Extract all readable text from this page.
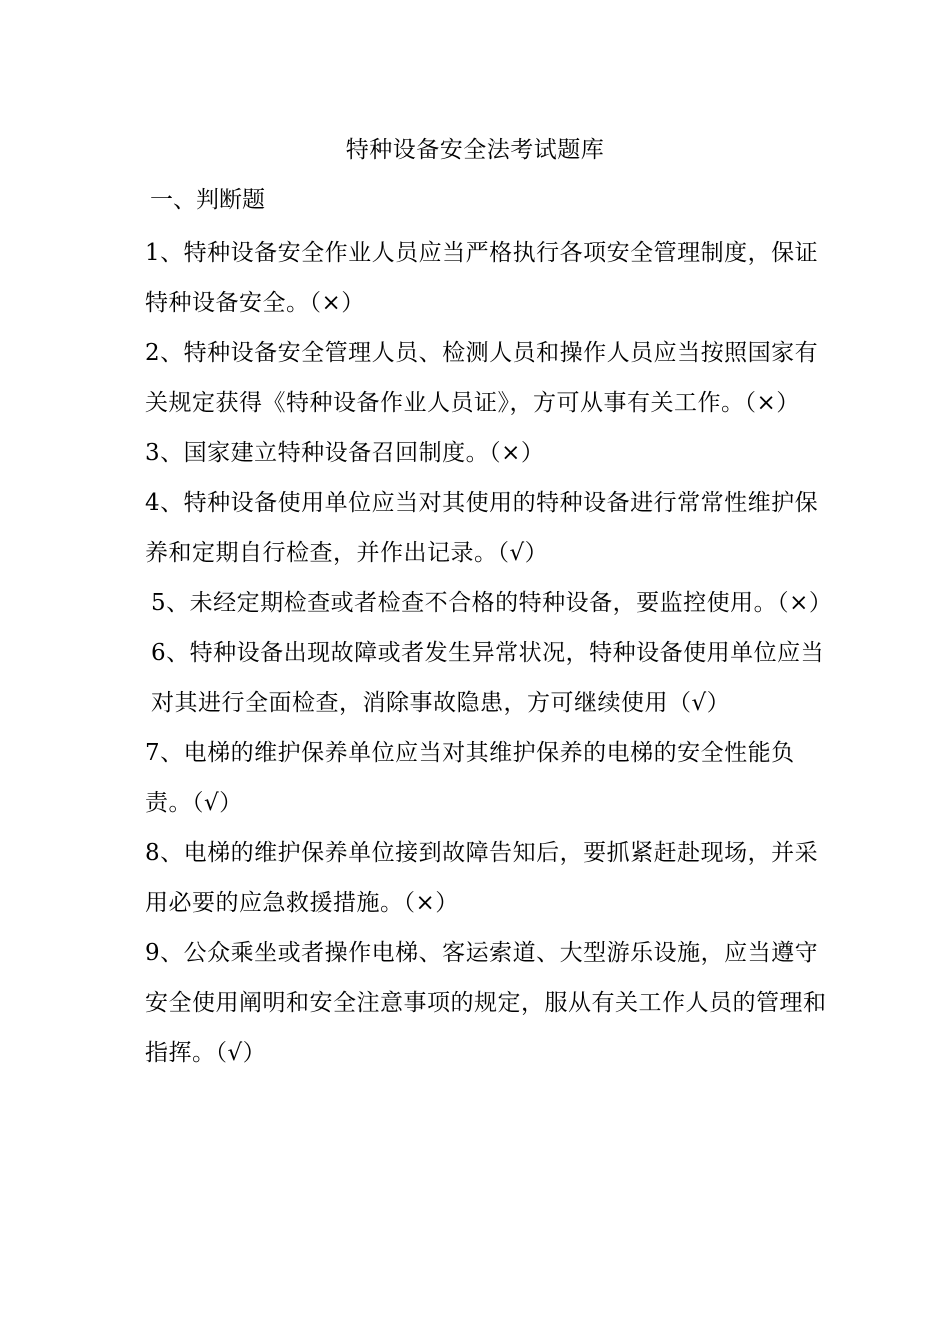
特种设备安全法考试题库
一、判断题

1、特种设备安全作业人员应当严格执行各项安全管理制度，保证特种设备安全。（×）

2、特种设备安全管理人员、检测人员和操作人员应当按照国家有关规定获得《特种设备作业人员证》，方可从事有关工作。（×）

3、国家建立特种设备召回制度。（×）

4、特种设备使用单位应当对其使用的特种设备进行常常性维护保养和定期自行检查，并作出记录。（√）

5、未经定期检查或者检查不合格的特种设备，要监控使用。（×）

6、特种设备出现故障或者发生异常状况，特种设备使用单位应当对其进行全面检查，消除事故隐患，方可继续使用（√）

7、电梯的维护保养单位应当对其维护保养的电梯的安全性能负责。（√）

8、电梯的维护保养单位接到故障告知后，要抓紧赶赴现场，并采用必要的应急救援措施。（×）

9、公众乘坐或者操作电梯、客运索道、大型游乐设施，应当遵守安全使用阐明和安全注意事项的规定，服从有关工作人员的管理和指挥。（√）
